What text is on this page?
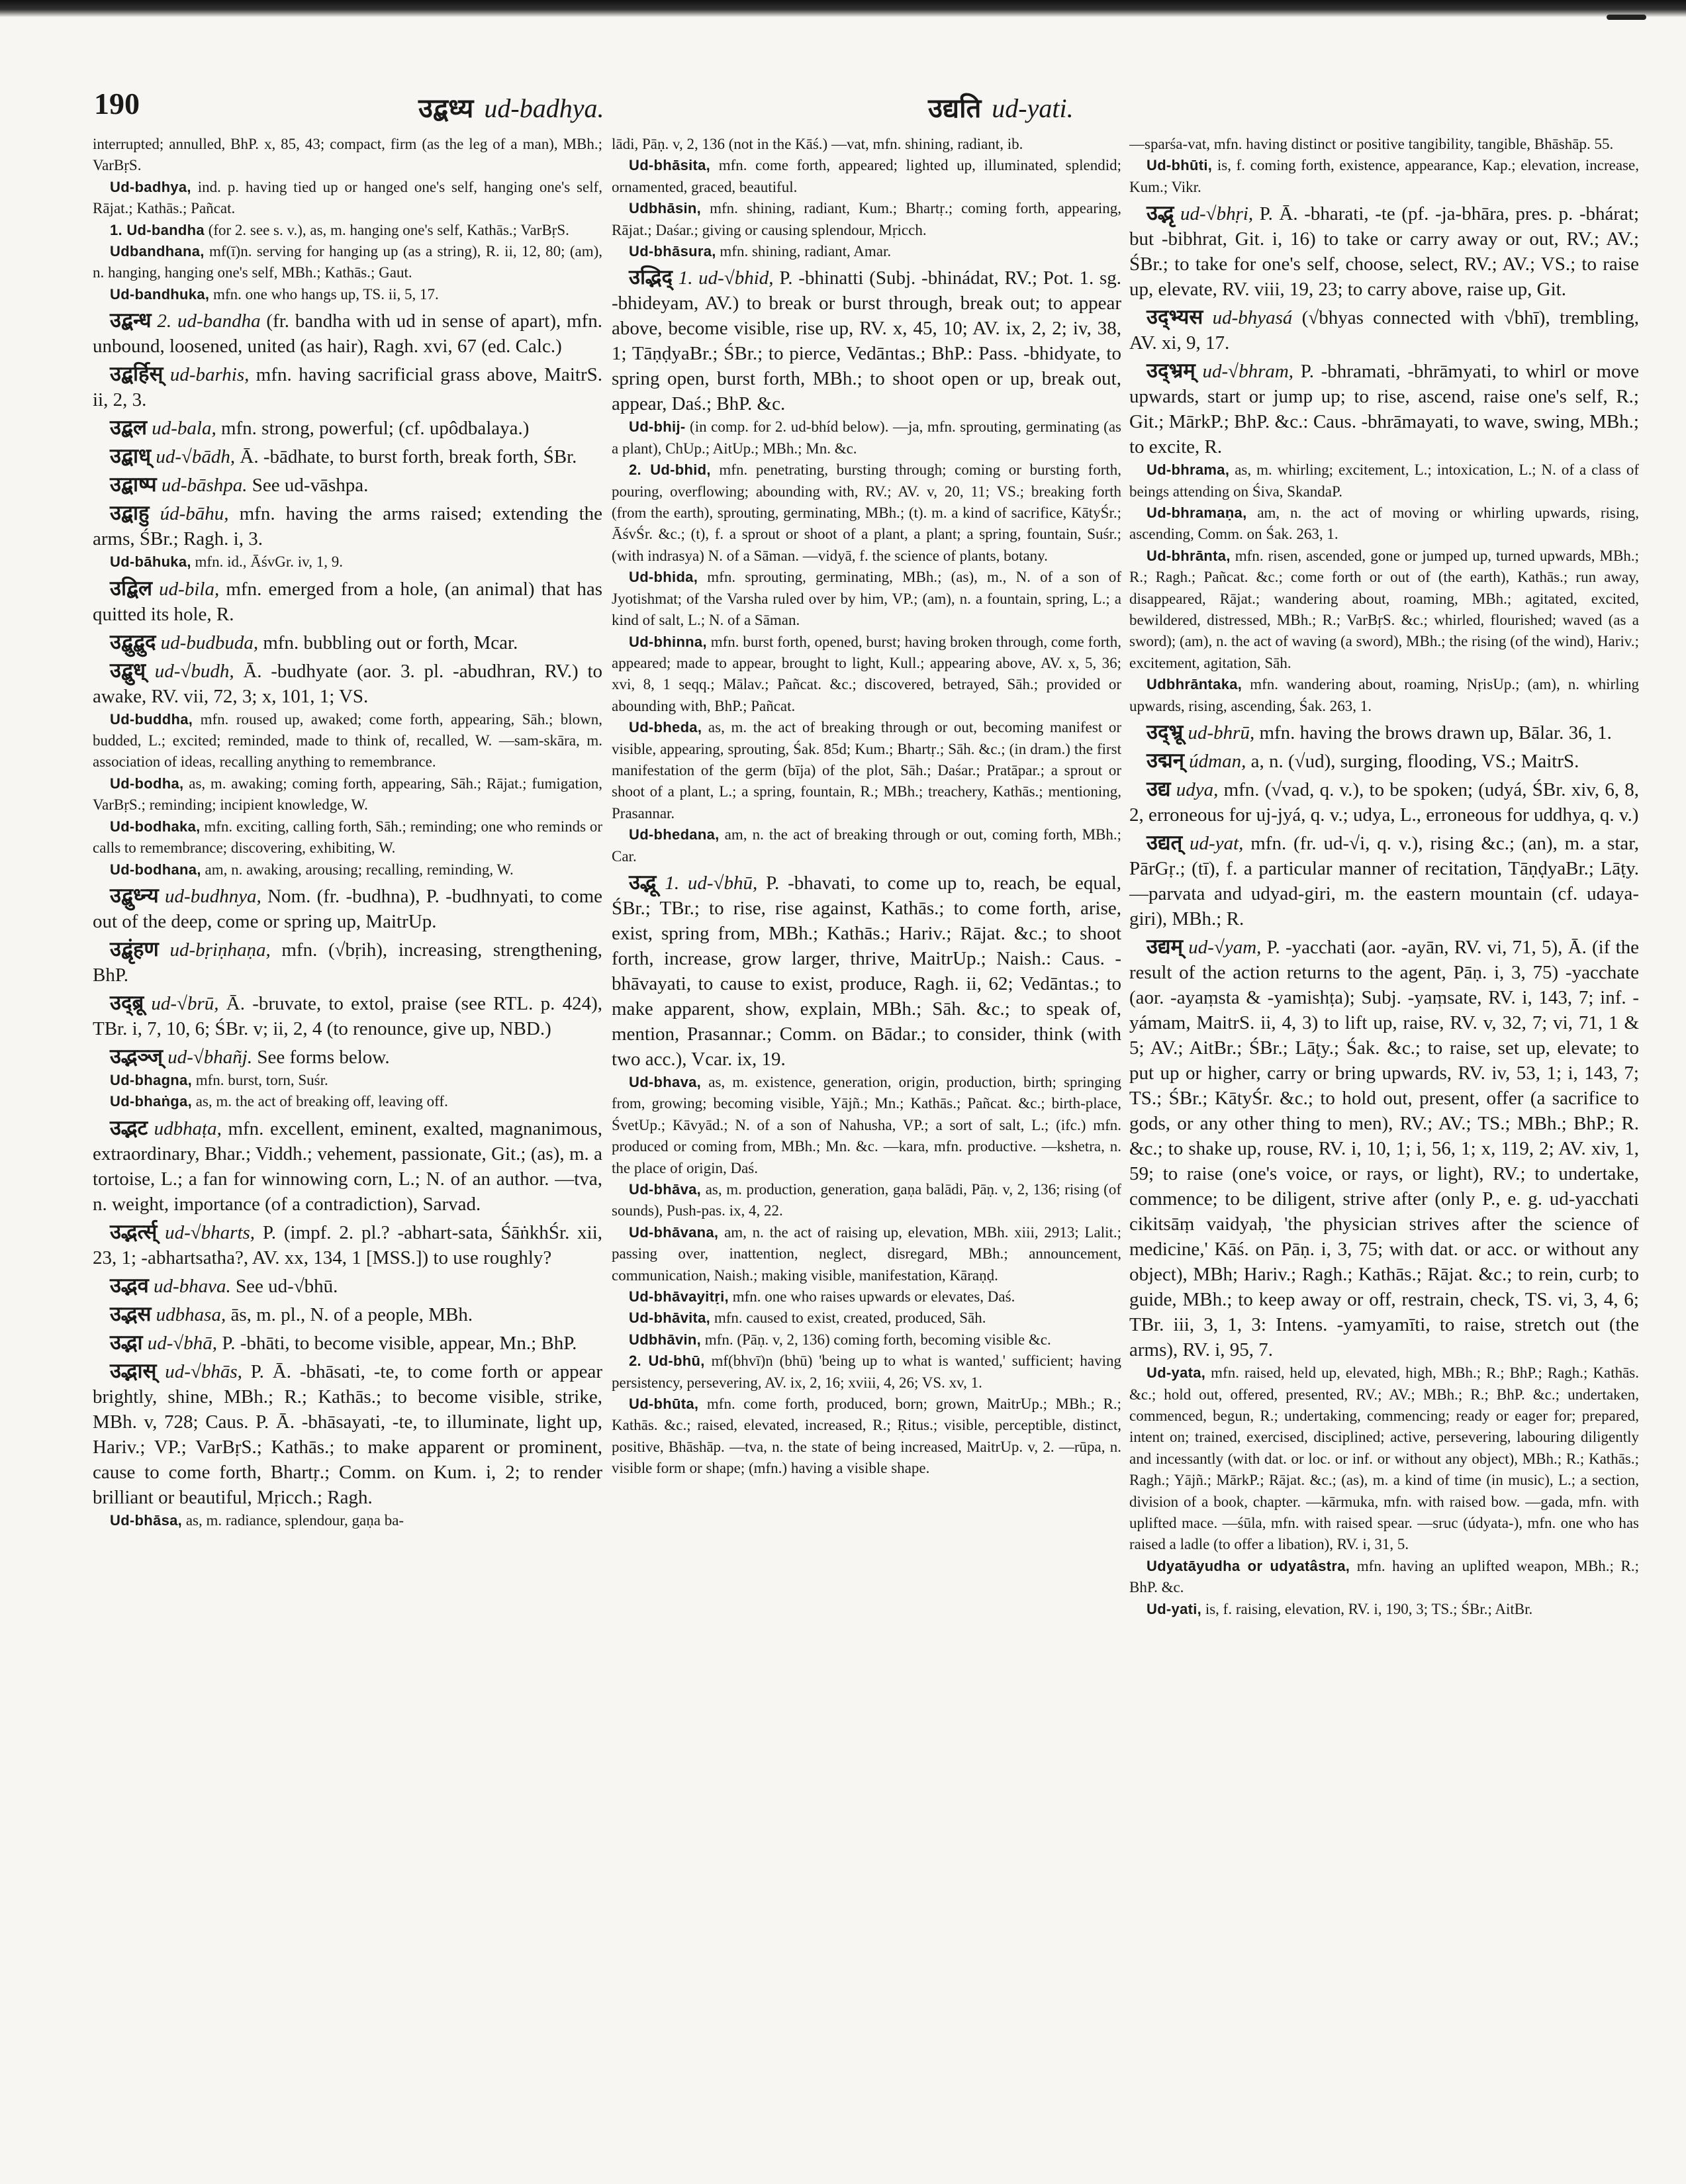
190	उद्बध्य ud-badhya.	उद्यति ud-yati.

interrupted; annulled, BhP. x, 85, 43; compact, firm (as the leg of a man), MBh.; VarBṛS.

Ud-badhya, ind. p. having tied up or hanged one's self, hanging one's self, Rājat.; Kathās.; Pañcat.

1. Ud-bandha (for 2. see s. v.), as, m. hanging one's self, Kathās.; VarBṛS.

Udbandhana, mf(ī)n. serving for hanging up (as a string), R. ii, 12, 80; (am), n. hanging, hanging one's self, MBh.; Kathās.; Gaut.

Ud-bandhuka, mfn. one who hangs up, TS. ii, 5, 17.

उद्बन्ध 2. ud-bandha (fr. bandha with ud in sense of apart), mfn. unbound, loosened, united (as hair), Ragh. xvi, 67 (ed. Calc.)

उद्बर्हिस् ud-barhis, mfn. having sacrificial grass above, MaitrS. ii, 2, 3.

उद्बल ud-bala, mfn. strong, powerful; (cf. upôdbalaya.)

उद्बाध् ud-√bādh, Ā. -bādhate, to burst forth, break forth, ŚBr.

उद्बाष्प ud-bāshpa. See ud-vāshpa.

उद्बाहु úd-bāhu, mfn. having the arms raised; extending the arms, ŚBr.; Ragh. i, 3.

Ud-bāhuka, mfn. id., ĀśvGr. iv, 1, 9.

उद्बिल ud-bila, mfn. emerged from a hole, (an animal) that has quitted its hole, R.

उद्बुद्बुद ud-budbuda, mfn. bubbling out or forth, Mcar.

उद्बुध् ud-√budh, Ā. -budhyate (aor. 3. pl. -abudhran, RV.) to awake, RV. vii, 72, 3; x, 101, 1; VS.

Ud-buddha, mfn. roused up, awaked; come forth, appearing, Sāh.; blown, budded, L.; excited; reminded, made to think of, recalled, W. —sam-skāra, m. association of ideas, recalling anything to remembrance.

Ud-bodha, as, m. awaking; coming forth, appearing, Sāh.; Rājat.; fumigation, VarBṛS.; reminding; incipient knowledge, W.

Ud-bodhaka, mfn. exciting, calling forth, Sāh.; reminding; one who reminds or calls to remembrance; discovering, exhibiting, W.

Ud-bodhana, am, n. awaking, arousing; recalling, reminding, W.

उद्बुध्न्य ud-budhnya, Nom. (fr. -budhna), P. -budhnyati, to come out of the deep, come or spring up, MaitrUp.

उद्बृंहण ud-bṛiṇhaṇa, mfn. (√bṛih), increasing, strengthening, BhP.

उद्ब्रू ud-√brū, Ā. -bruvate, to extol, praise (see RTL. p. 424), TBr. i, 7, 10, 6; ŚBr. v; ii, 2, 4 (to renounce, give up, NBD.)

उद्भञ्ज् ud-√bhañj. See forms below.

Ud-bhagna, mfn. burst, torn, Suśr.

Ud-bhaṅga, as, m. the act of breaking off, leaving off.

उद्भट udbhaṭa, mfn. excellent, eminent, exalted, magnanimous, extraordinary, Bhar.; Viddh.; vehement, passionate, Git.; (as), m. a tortoise, L.; a fan for winnowing corn, L.; N. of an author. —tva, n. weight, importance (of a contradiction), Sarvad.

उद्भर्त्स् ud-√bharts, P. (impf. 2. pl.? -abhart-sata, ŚāṅkhŚr. xii, 23, 1; -abhartsatha?, AV. xx, 134, 1 [MSS.]) to use roughly?

उद्भव ud-bhava. See ud-√bhū.

उद्भस udbhasa, ās, m. pl., N. of a people, MBh.

उद्भा ud-√bhā, P. -bhāti, to become visible, appear, Mn.; BhP.

उद्भास् ud-√bhās, P. Ā. -bhāsati, -te, to come forth or appear brightly, shine, MBh.; R.; Kathās.; to become visible, strike, MBh. v, 728; Caus. P. Ā. -bhāsayati, -te, to illuminate, light up, Hariv.; VP.; VarBṛS.; Kathās.; to make apparent or prominent, cause to come forth, Bhartṛ.; Comm. on Kum. i, 2; to render brilliant or beautiful, Mṛicch.; Ragh.

Ud-bhāsa, as, m. radiance, splendour, gaṇa ba-

lādi, Pāṇ. v, 2, 136 (not in the Kāś.) —vat, mfn. shining, radiant, ib.

Ud-bhāsita, mfn. come forth, appeared; lighted up, illuminated, splendid; ornamented, graced, beautiful.

Udbhāsin, mfn. shining, radiant, Kum.; Bhartṛ.; coming forth, appearing, Rājat.; Daśar.; giving or causing splendour, Mṛicch.

Ud-bhāsura, mfn. shining, radiant, Amar.

उद्भिद् 1. ud-√bhid, P. -bhinatti (Subj. -bhinádat, RV.; Pot. 1. sg. -bhideyam, AV.) to break or burst through, break out; to appear above, become visible, rise up, RV. x, 45, 10; AV. ix, 2, 2; iv, 38, 1; TāṇḍyaBr.; ŚBr.; to pierce, Vedāntas.; BhP.: Pass. -bhidyate, to spring open, burst forth, MBh.; to shoot open or up, break out, appear, Daś.; BhP. &c.

Ud-bhij- (in comp. for 2. ud-bhíd below). —ja, mfn. sprouting, germinating (as a plant), ChUp.; AitUp.; MBh.; Mn. &c.

2. Ud-bhid, mfn. penetrating, bursting through; coming or bursting forth, pouring, overflowing; abounding with, RV.; AV. v, 20, 11; VS.; breaking forth (from the earth), sprouting, germinating, MBh.; (t). m. a kind of sacrifice, KātyŚr.; ĀśvŚr. &c.; (t), f. a sprout or shoot of a plant, a plant; a spring, fountain, Suśr.; (with indrasya) N. of a Sāman. —vidyā, f. the science of plants, botany.

Ud-bhida, mfn. sprouting, germinating, MBh.; (as), m., N. of a son of Jyotishmat; of the Varsha ruled over by him, VP.; (am), n. a fountain, spring, L.; a kind of salt, L.; N. of a Sāman.

Ud-bhinna, mfn. burst forth, opened, burst; having broken through, come forth, appeared; made to appear, brought to light, Kull.; appearing above, AV. x, 5, 36; xvi, 8, 1 seqq.; Mālav.; Pañcat. &c.; discovered, betrayed, Sāh.; provided or abounding with, BhP.; Pañcat.

Ud-bheda, as, m. the act of breaking through or out, becoming manifest or visible, appearing, sprouting, Śak. 85d; Kum.; Bhartṛ.; Sāh. &c.; (in dram.) the first manifestation of the germ (bīja) of the plot, Sāh.; Daśar.; Pratāpar.; a sprout or shoot of a plant, L.; a spring, fountain, R.; MBh.; treachery, Kathās.; mentioning, Prasannar.

Ud-bhedana, am, n. the act of breaking through or out, coming forth, MBh.; Car.

उद्भू 1. ud-√bhū, P. -bhavati, to come up to, reach, be equal, ŚBr.; TBr.; to rise, rise against, Kathās.; to come forth, arise, exist, spring from, MBh.; Kathās.; Hariv.; Rājat. &c.; to shoot forth, increase, grow larger, thrive, MaitrUp.; Naish.: Caus. -bhāvayati, to cause to exist, produce, Ragh. ii, 62; Vedāntas.; to make apparent, show, explain, MBh.; Sāh. &c.; to speak of, mention, Prasannar.; Comm. on Bādar.; to consider, think (with two acc.), Vcar. ix, 19.

Ud-bhava, as, m. existence, generation, origin, production, birth; springing from, growing; becoming visible, Yājñ.; Mn.; Kathās.; Pañcat. &c.; birth-place, ŚvetUp.; Kāvyād.; N. of a son of Nahusha, VP.; a sort of salt, L.; (ifc.) mfn. produced or coming from, MBh.; Mn. &c. —kara, mfn. productive. —kshetra, n. the place of origin, Daś.

Ud-bhāva, as, m. production, generation, gaṇa balādi, Pāṇ. v, 2, 136; rising (of sounds), Push-pas. ix, 4, 22.

Ud-bhāvana, am, n. the act of raising up, elevation, MBh. xiii, 2913; Lalit.; passing over, inattention, neglect, disregard, MBh.; announcement, communication, Naish.; making visible, manifestation, Kāraṇḍ.

Ud-bhāvayitṛi, mfn. one who raises upwards or elevates, Daś.

Ud-bhāvita, mfn. caused to exist, created, produced, Sāh.

Udbhāvin, mfn. (Pāṇ. v, 2, 136) coming forth, becoming visible &c.

2. Ud-bhū, mf(bhvī)n (bhū) 'being up to what is wanted,' sufficient; having persistency, persevering, AV. ix, 2, 16; xviii, 4, 26; VS. xv, 1.

Ud-bhūta, mfn. come forth, produced, born; grown, MaitrUp.; MBh.; R.; Kathās. &c.; raised, elevated, increased, R.; Ṛitus.; visible, perceptible, distinct, positive, Bhāshāp. —tva, n. the state of being increased, MaitrUp. v, 2. —rūpa, n. visible form or shape; (mfn.) having a visible shape.

—sparśa-vat, mfn. having distinct or positive tangibility, tangible, Bhāshāp. 55.

Ud-bhūti, is, f. coming forth, existence, appearance, Kap.; elevation, increase, Kum.; Vikr.

उद्भृ ud-√bhṛi, P. Ā. -bharati, -te (pf. -ja-bhāra, pres. p. -bhárat; but -bibhrat, Git. i, 16) to take or carry away or out, RV.; AV.; ŚBr.; to take for one's self, choose, select, RV.; AV.; VS.; to raise up, elevate, RV. viii, 19, 23; to carry above, raise up, Git.

उद्भ्यस ud-bhyasá (√bhyas connected with √bhī), trembling, AV. xi, 9, 17.

उद्भ्रम् ud-√bhram, P. -bhramati, -bhrāmyati, to whirl or move upwards, start or jump up; to rise, ascend, raise one's self, R.; Git.; MārkP.; BhP. &c.: Caus. -bhrāmayati, to wave, swing, MBh.; to excite, R.

Ud-bhrama, as, m. whirling; excitement, L.; intoxication, L.; N. of a class of beings attending on Śiva, SkandaP.

Ud-bhramaṇa, am, n. the act of moving or whirling upwards, rising, ascending, Comm. on Śak. 263, 1.

Ud-bhrānta, mfn. risen, ascended, gone or jumped up, turned upwards, MBh.; R.; Ragh.; Pañcat. &c.; come forth or out of (the earth), Kathās.; run away, disappeared, Rājat.; wandering about, roaming, MBh.; agitated, excited, bewildered, distressed, MBh.; R.; VarBṛS. &c.; whirled, flourished; waved (as a sword); (am), n. the act of waving (a sword), MBh.; the rising (of the wind), Hariv.; excitement, agitation, Sāh.

Udbhrāntaka, mfn. wandering about, roaming, NṛisUp.; (am), n. whirling upwards, rising, ascending, Śak. 263, 1.

उद्भ्रू ud-bhrū, mfn. having the brows drawn up, Bālar. 36, 1.

उद्मन् údman, a, n. (√ud), surging, flooding, VS.; MaitrS.

उद्य udya, mfn. (√vad, q. v.), to be spoken; (udyá, ŚBr. xiv, 6, 8, 2, erroneous for uj-jyá, q. v.; udya, L., erroneous for uddhya, q. v.)

उद्यत् ud-yat, mfn. (fr. ud-√i, q. v.), rising &c.; (an), m. a star, PārGṛ.; (tī), f. a particular manner of recitation, TāṇḍyaBr.; Lāṭy. —parvata and udyad-giri, m. the eastern mountain (cf. udaya-giri), MBh.; R.

उद्यम् ud-√yam, P. -yacchati (aor. -ayān, RV. vi, 71, 5), Ā. (if the result of the action returns to the agent, Pāṇ. i, 3, 75) -yacchate (aor. -ayaṃsta & -yamishṭa); Subj. -yaṃsate, RV. i, 143, 7; inf. -yámam, MaitrS. ii, 4, 3) to lift up, raise, RV. v, 32, 7; vi, 71, 1 & 5; AV.; AitBr.; ŚBr.; Lāṭy.; Śak. &c.; to raise, set up, elevate; to put up or higher, carry or bring upwards, RV. iv, 53, 1; i, 143, 7; TS.; ŚBr.; KātyŚr. &c.; to hold out, present, offer (a sacrifice to gods, or any other thing to men), RV.; AV.; TS.; MBh.; BhP.; R. &c.; to shake up, rouse, RV. i, 10, 1; i, 56, 1; x, 119, 2; AV. xiv, 1, 59; to raise (one's voice, or rays, or light), RV.; to undertake, commence; to be diligent, strive after (only P., e. g. ud-yacchati cikitsāṃ vaidyaḥ, 'the physician strives after the science of medicine,' Kāś. on Pāṇ. i, 3, 75; with dat. or acc. or without any object), MBh; Hariv.; Ragh.; Kathās.; Rājat. &c.; to rein, curb; to guide, MBh.; to keep away or off, restrain, check, TS. vi, 3, 4, 6; TBr. iii, 3, 1, 3: Intens. -yamyamīti, to raise, stretch out (the arms), RV. i, 95, 7.

Ud-yata, mfn. raised, held up, elevated, high, MBh.; R.; BhP.; Ragh.; Kathās. &c.; hold out, offered, presented, RV.; AV.; MBh.; R.; BhP. &c.; undertaken, commenced, begun, R.; undertaking, commencing; ready or eager for; prepared, intent on; trained, exercised, disciplined; active, persevering, labouring diligently and incessantly (with dat. or loc. or inf. or without any object), MBh.; R.; Kathās.; Ragh.; Yājñ.; MārkP.; Rājat. &c.; (as), m. a kind of time (in music), L.; a section, division of a book, chapter. —kārmuka, mfn. with raised bow. —gada, mfn. with uplifted mace. —śūla, mfn. with raised spear. —sruc (údyata-), mfn. one who has raised a ladle (to offer a libation), RV. i, 31, 5.

Udyatāyudha or udyatâstra, mfn. having an uplifted weapon, MBh.; R.; BhP. &c.

Ud-yati, is, f. raising, elevation, RV. i, 190, 3; TS.; ŚBr.; AitBr.
